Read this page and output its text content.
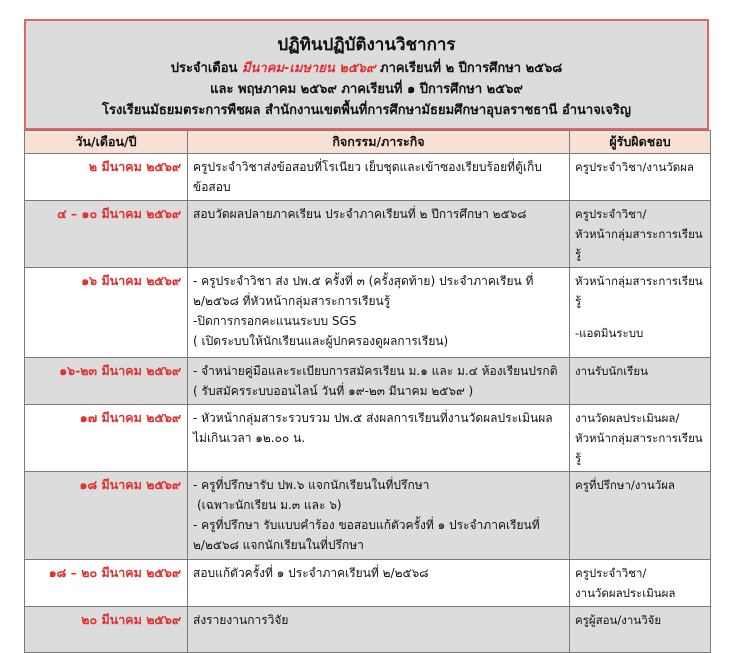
ปฏิทินปฏิบัติงานวิชาการ
ประจำเดือน มีนาคม-เมษายน ๒๕๖๙ ภาคเรียนที่ ๒ ปีการศึกษา ๒๕๖๘
และ พฤษภาคม ๒๕๖๙ ภาคเรียนที่ ๑ ปีการศึกษา ๒๕๖๙
โรงเรียนมัธยมตระการพืชผล สำนักงานเขตพื้นที่การศึกษามัธยมศึกษาอุบลราชธานี อำนาจเจริญ
วัน/เดือน/ปี	กิจกรรม/ภาระกิจ	ผู้รับผิดชอบ
๒ มีนาคม ๒๕๖๙	ครูประจำวิชาส่งข้อสอบที่โรเนียว เย็บชุดและเข้าซองเรียบร้อยที่ตู้เก็บข้อสอบ	ครูประจำวิชา/งานวัดผล

๔ – ๑๐ มีนาคม ๒๕๖๙	สอบวัดผลปลายภาคเรียน ประจำภาคเรียนที่ ๒ ปีการศึกษา ๒๕๖๘	ครูประจำวิชา/
หัวหน้ากลุ่มสาระการเรียนรู้

๑๖ มีนาคม ๒๕๖๙	- ครูประจำวิชา ส่ง ปพ.๕ ครั้งที่ ๓ (ครั้งสุดท้าย) ประจำภาคเรียน ที่ ๒/๒๕๖๘ ที่หัวหน้ากลุ่มสาระการเรียนรู้
-ปิดการกรอกคะแนนระบบ SGS
( เปิดระบบให้นักเรียนและผู้ปกครองดูผลการเรียน)	หัวหน้ากลุ่มสาระการเรียนรู้
-แอดมินระบบ

๑๖-๒๓ มีนาคม ๒๕๖๙	- จำหน่ายคู่มือและระเบียบการสมัครเรียน ม.๑ และ ม.๔ ห้องเรียนปรกติ
( รับสมัครระบบออนไลน์ วันที่ ๑๙-๒๓ มีนาคม ๒๕๖๙ )	งานรับนักเรียน

๑๗ มีนาคม ๒๕๖๙	- หัวหน้ากลุ่มสาระรวบรวม ปพ.๕ ส่งผลการเรียนที่งานวัดผลประเมินผล ไม่เกินเวลา ๑๒.๐๐ น.	งานวัดผลประเมินผล/
หัวหน้ากลุ่มสาระการเรียนรู้

๑๘ มีนาคม ๒๕๖๙	- ครูที่ปรึกษารับ ปพ.๖ แจกนักเรียนในที่ปรึกษา
(เฉพาะนักเรียน ม.๓ และ ๖)
- ครูที่ปรึกษา รับแบบคำร้อง ขอสอบแก้ตัวครั้งที่ ๑ ประจำภาคเรียนที่ ๒/๒๕๖๘ แจกนักเรียนในที่ปรึกษา	ครูที่ปรึกษา/งานวัผล

๑๘ – ๒๐ มีนาคม ๒๕๖๙	สอบแก้ตัวครั้งที่ ๑ ประจำภาคเรียนที่ ๒/๒๕๖๘	ครูประจำวิชา/
งานวัดผลประเมินผล

๒๐ มีนาคม ๒๕๖๙	ส่งรายงานการวิจัย	ครูผู้สอน/งานวิจัย
